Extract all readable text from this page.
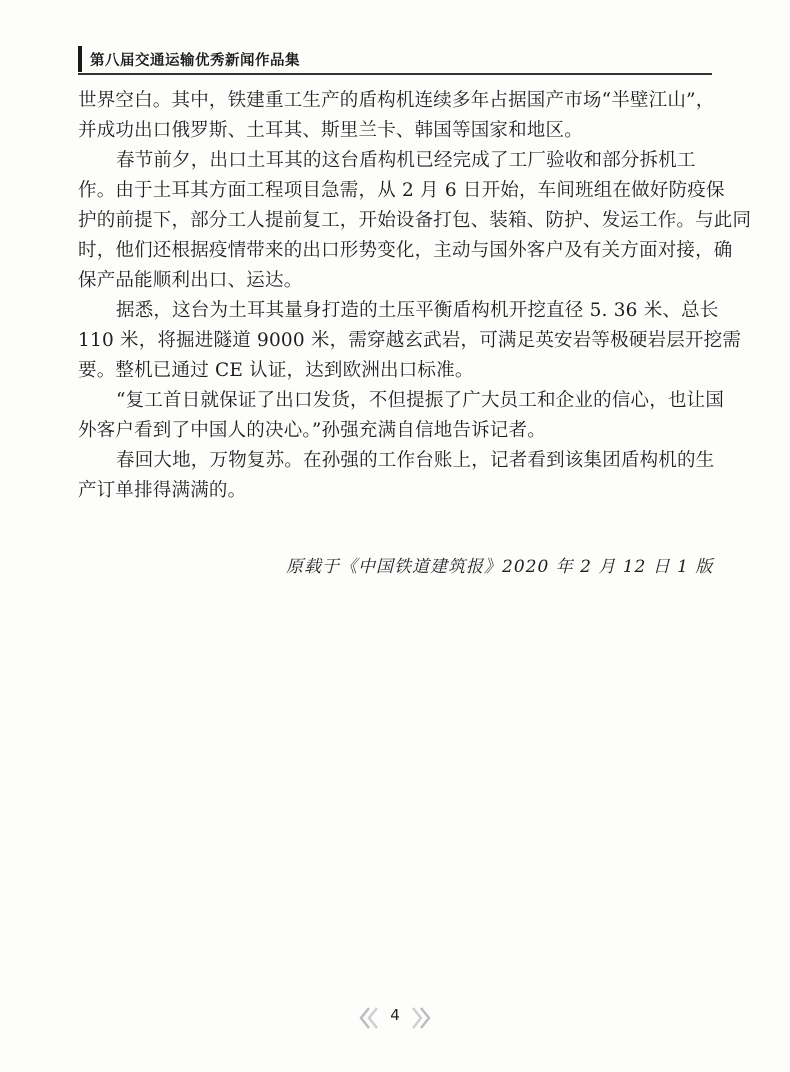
第八届交通运输优秀新闻作品集
世界空白。其中，铁建重工生产的盾构机连续多年占据国产市场“半壁江山”，
并成功出口俄罗斯、土耳其、斯里兰卡、韩国等国家和地区。
春节前夕，出口土耳其的这台盾构机已经完成了工厂验收和部分拆机工
作。由于土耳其方面工程项目急需，从 2 月 6 日开始，车间班组在做好防疫保
护的前提下，部分工人提前复工，开始设备打包、装箱、防护、发运工作。与此同
时，他们还根据疫情带来的出口形势变化，主动与国外客户及有关方面对接，确
保产品能顺利出口、运达。
据悉，这台为土耳其量身打造的土压平衡盾构机开挖直径 5. 36 米、总长
110 米，将掘进隧道 9000 米，需穿越玄武岩，可满足英安岩等极硬岩层开挖需
要。整机已通过 CE 认证，达到欧洲出口标准。
“复工首日就保证了出口发货，不但提振了广大员工和企业的信心，也让国
外客户看到了中国人的决心。”孙强充满自信地告诉记者。
春回大地，万物复苏。在孙强的工作台账上，记者看到该集团盾构机的生
产订单排得满满的。
原载于《中国铁道建筑报》2020 年 2 月 12 日 1 版
4
